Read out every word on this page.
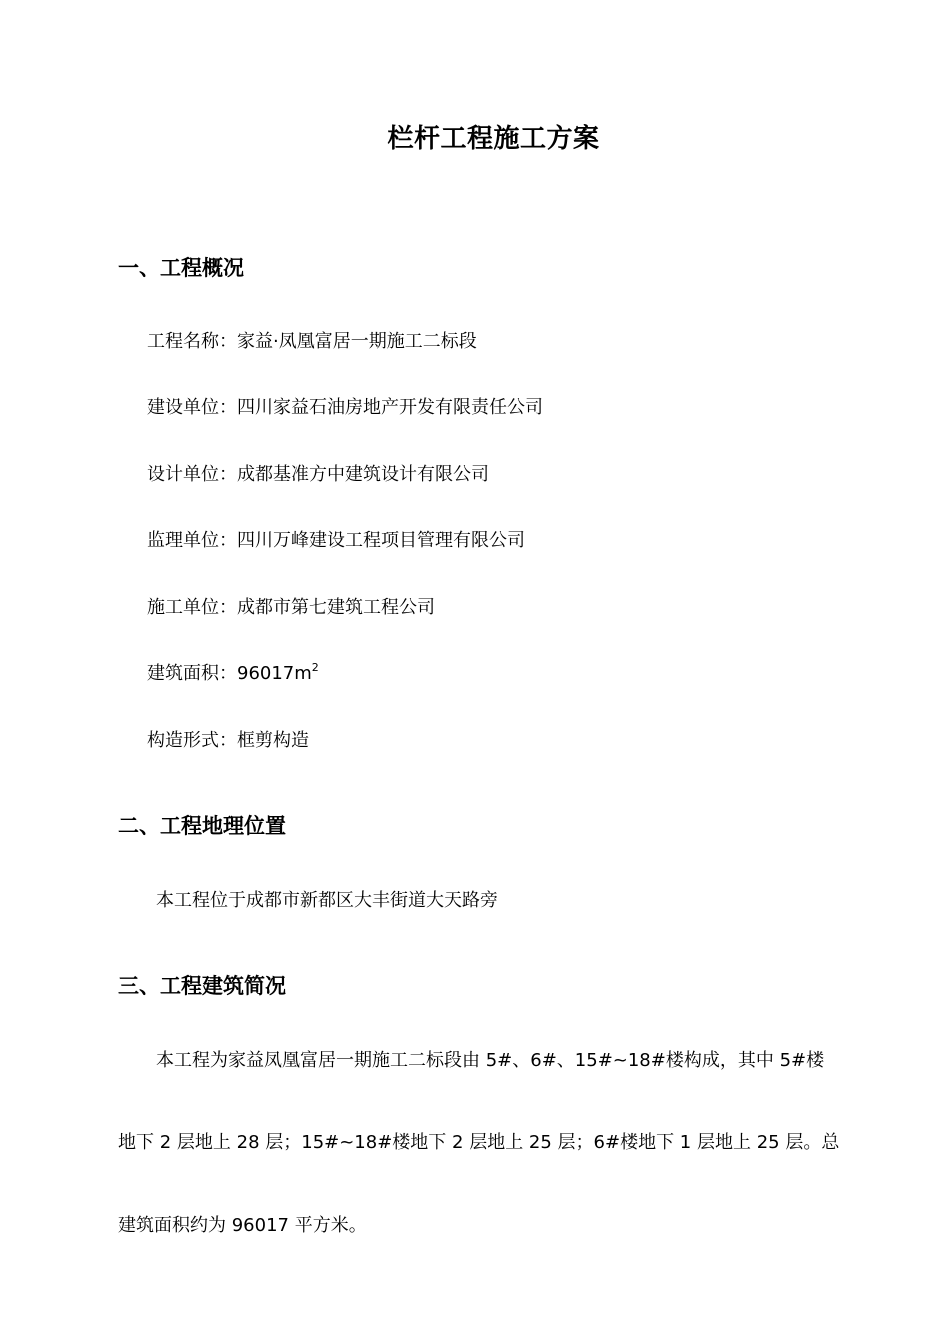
栏杆工程施工方案
一、工程概况
工程名称：家益·凤凰富居一期施工二标段
建设单位：四川家益石油房地产开发有限责任公司
设计单位：成都基准方中建筑设计有限公司
监理单位：四川万峰建设工程项目管理有限公司
施工单位：成都市第七建筑工程公司
建筑面积：$96017m^2$
构造形式：框剪构造
二、工程地理位置
本工程位于成都市新都区大丰街道大天路旁
三、工程建筑简况
本工程为家益凤凰富居一期施工二标段由 5#、6#、15#~18#楼构成，其中 5#楼
地下 2 层地上 28 层；15#~18#楼地下 2 层地上 25 层；6#楼地下 1 层地上 25 层。总
建筑面积约为 96017 平方米。
